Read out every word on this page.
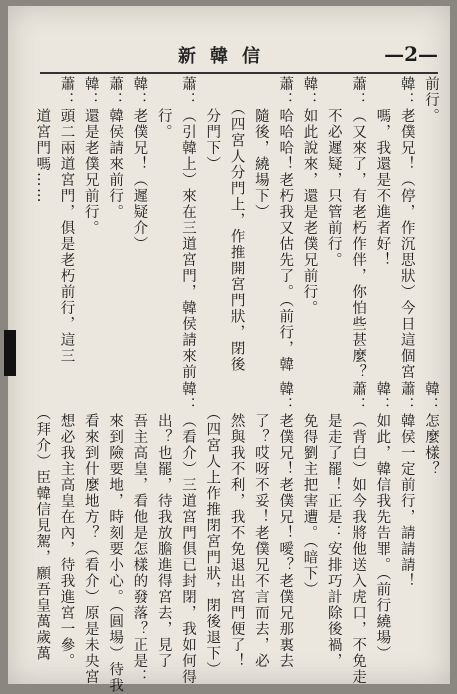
新韓信	—2—
前行。
韓：老僕兄！（停，作沉思狀）今日這個宮
　　嗎，我還是不進者好！
蕭：（又來了，有老朽作伴，你怕些甚麼？
　　不必遲疑，只管前行。
韓：如此說來，還是老僕兄前行。
蕭：哈哈哈！老朽我又估先了。（前行，韓
　　隨後，繞場下）
　　（四宮人分門上，作推開宮門狀，閉後
　　分門下）
蕭：（引韓上）來在三道宮門，韓侯請來前
　　行。
韓：老僕兄！（遲疑介）
蕭：韓侯請來前行。
韓：還是老僕兄前行。
蕭：頭二兩道宮門，俱是老朽前行，這三
　　道宮門嗎……
韓：怎麼樣？
蕭：韓侯一定前行，請請請！
韓：如此，韓信我先告罪。（前行繞場）
蕭：（背白）如今我將他送入虎口，不免走
　　是走了罷！正是：安排巧計除後禍，
　　免得劉主把害遭。（暗下）
韓：老僕兄！老僕兄！噯？老僕兄那裏去
　　了？哎呀不妥！老僕兄不言而去，必
　　然與我不利，我不免退出宮門便了！
　　（四宮人上作推閉宮門狀，閉後退下）
韓：（看介）三道宮門俱已封閉，我如何得
　　出？也罷，待我放膽進得宮去，見了
　　吾主高皇，看他是怎樣的發落？正是：
　　來到險要地，時刻要小心。（圓場）待我
　　看來到什麼地方？（看介）原是未央宮
　　想必我主高皇在內，待我進宮一參。
　　（拜介）臣韓信見駕，願吾皇萬歲萬
